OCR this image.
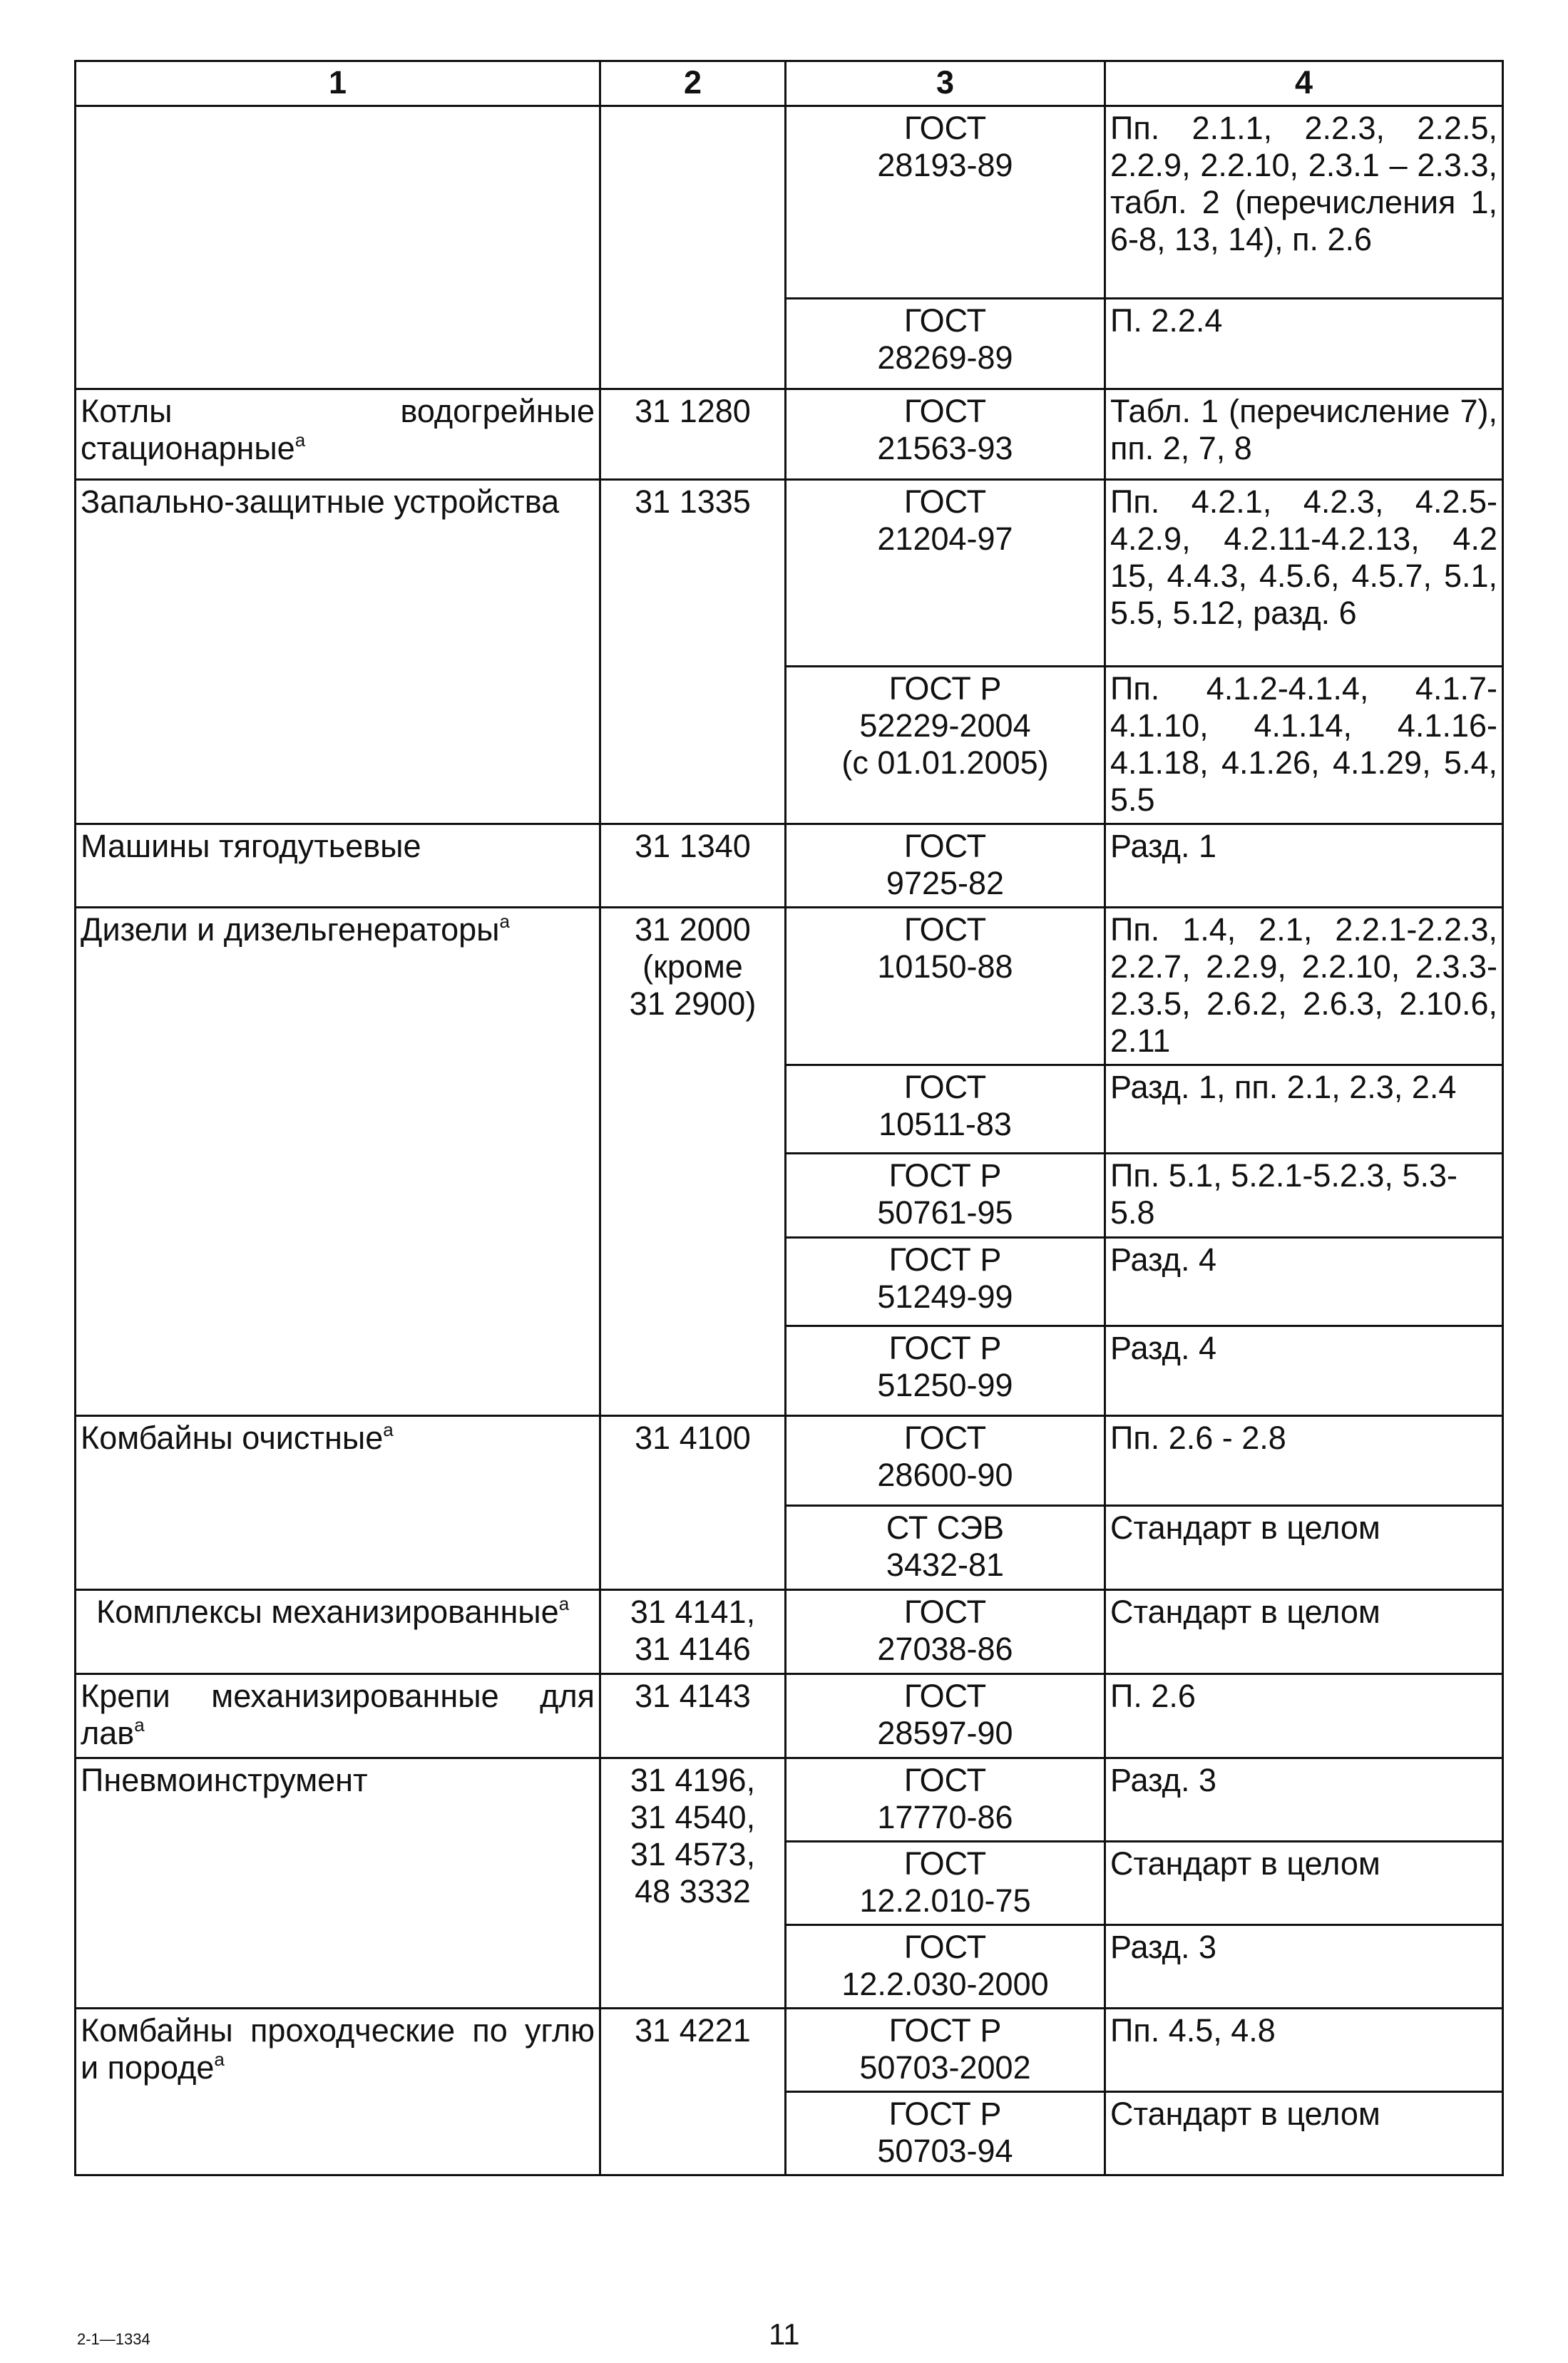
1	2	3	4
		ГОСТ
28193-89	Пп. 2.1.1, 2.2.3, 2.2.5, 2.2.9, 2.2.10, 2.3.1 – 2.3.3, табл. 2 (перечисления 1, 6-8, 13, 14), п. 2.6
		ГОСТ
28269-89	П. 2.2.4
Котлы водогрейные стационарные$^a$	31 1280	ГОСТ
21563-93	Табл. 1 (перечисление 7), пп. 2, 7, 8
Запально-защитные устройства	31 1335	ГОСТ
21204-97	Пп. 4.2.1, 4.2.3, 4.2.5-4.2.9, 4.2.11-4.2.13, 4.2 15, 4.4.3, 4.5.6, 4.5.7, 5.1, 5.5, 5.12, разд. 6
		ГОСТ Р
52229-2004
(с 01.01.2005)	Пп. 4.1.2-4.1.4, 4.1.7-4.1.10, 4.1.14, 4.1.16-4.1.18, 4.1.26, 4.1.29, 5.4, 5.5
Машины тягодутьевые	31 1340	ГОСТ
9725-82	Разд. 1
Дизели и дизельгенераторы$^a$	31 2000
(кроме
31 2900)	ГОСТ
10150-88	Пп. 1.4, 2.1, 2.2.1-2.2.3, 2.2.7, 2.2.9, 2.2.10, 2.3.3-2.3.5, 2.6.2, 2.6.3, 2.10.6, 2.11
		ГОСТ
10511-83	Разд. 1, пп. 2.1, 2.3, 2.4
		ГОСТ Р
50761-95	Пп. 5.1, 5.2.1-5.2.3, 5.3-5.8
		ГОСТ Р
51249-99	Разд. 4
		ГОСТ Р
51250-99	Разд. 4
Комбайны очистные$^a$	31 4100	ГОСТ
28600-90	Пп. 2.6 - 2.8
		СТ СЭВ
3432-81	Стандарт в целом
Комплексы механизированные$^a$	31 4141,
31 4146	ГОСТ
27038-86	Стандарт в целом
Крепи механизированные для лав$^a$	31 4143	ГОСТ
28597-90	П. 2.6
Пневмоинструмент	31 4196,
31 4540,
31 4573,
48 3332	ГОСТ
17770-86	Разд. 3
		ГОСТ
12.2.010-75	Стандарт в целом
		ГОСТ
12.2.030-2000	Разд. 3
Комбайны проходческие по углю и породе$^a$	31 4221	ГОСТ Р
50703-2002	Пп. 4.5, 4.8
		ГОСТ Р
50703-94	Стандарт в целом
2-1—1334	11
